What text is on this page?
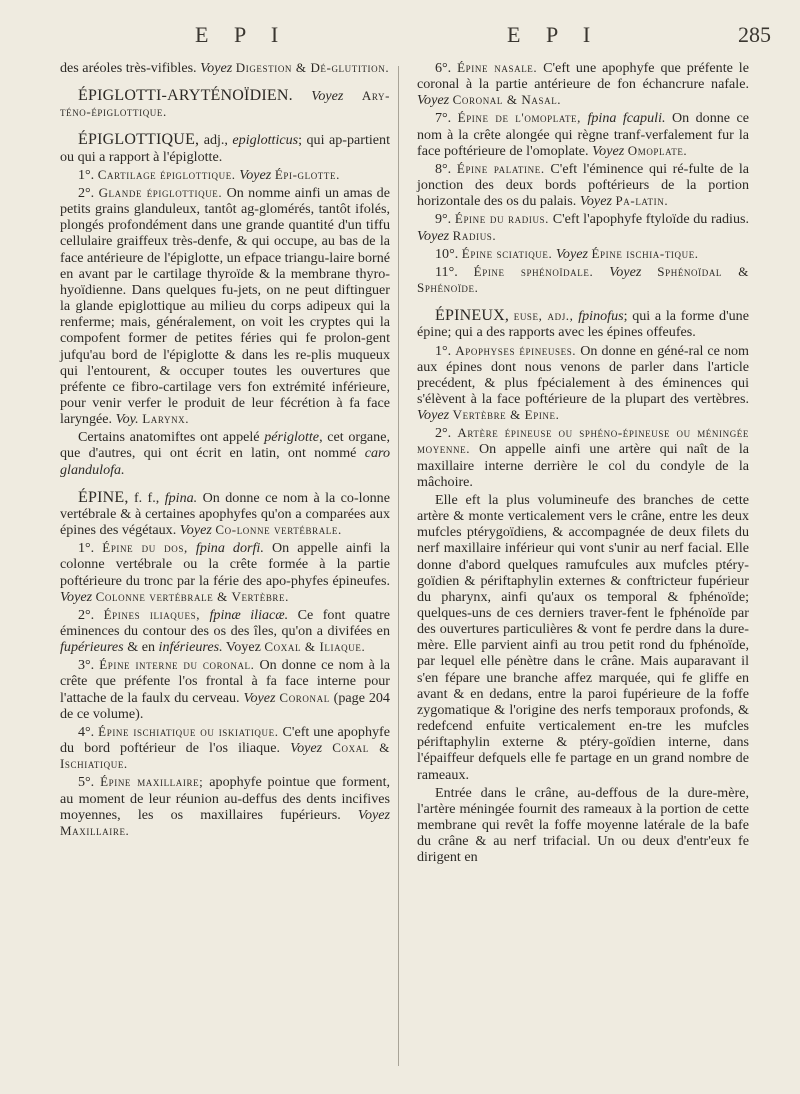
E P I	E P I	285

des aréoles très-vifibles. Voyez Digestion & Dé-glutition.

ÉPIGLOTTI-ARYTÉNOÏDIEN. Voyez Ary-téno-épiglottique.

ÉPIGLOTTIQUE, adj., epiglotticus; qui ap-partient ou qui a rapport à l'épiglotte.

1°. Cartilage épiglottique. Voyez Épi-glotte.

2°. Glande épiglottique. On nomme ainfi un amas de petits grains glanduleux, tantôt ag-glomérés, tantôt ifolés, plongés profondément dans une grande quantité d'un tiffu cellulaire graiffeux très-denfe, & qui occupe, au bas de la face antérieure de l'épiglotte, un efpace triangu-laire borné en avant par le cartilage thyroïde & la membrane thyro-hyoïdienne. Dans quelques fu-jets, on ne peut diftinguer la glande epiglottique au milieu du corps adipeux qui la renferme; mais, généralement, on voit les cryptes qui la compofent former de petites féries qui fe prolon-gent jufqu'au bord de l'épiglotte & dans les re-plis muqueux qui l'entourent, & occuper toutes les ouvertures que préfente ce fibro-cartilage vers fon extrémité inférieure, pour venir verfer le produit de leur fécrétion à fa face laryngée. Voy. Larynx.

Certains anatomiftes ont appelé périglotte, cet organe, que d'autres, qui ont écrit en latin, ont nommé caro glandulofa.

ÉPINE, f. f., fpina. On donne ce nom à la co-lonne vertébrale & à certaines apophyfes qu'on a comparées aux épines des végétaux. Voyez Co-lonne vertébrale.

1°. Épine du dos, fpina dorfi. On appelle ainfi la colonne vertébrale ou la crête formée à la partie poftérieure du tronc par la férie des apo-phyfes épineufes. Voyez Colonne vertébrale & Vertèbre.

2°. Épines iliaques, fpinæ iliacæ. Ce font quatre éminences du contour des os des îles, qu'on a divifées en fupérieures & en inférieures. Voyez Coxal & Iliaque.

3°. Épine interne du coronal. On donne ce nom à la crête que préfente l'os frontal à fa face interne pour l'attache de la faulx du cerveau. Voyez Coronal (page 204 de ce volume).

4°. Épine ischiatique ou iskiatique. C'eft une apophyfe du bord poftérieur de l'os iliaque. Voyez Coxal & Ischiatique.

5°. Épine maxillaire; apophyfe pointue que forment, au moment de leur réunion au-deffus des dents incifives moyennes, les os maxillaires fupérieurs. Voyez Maxillaire.

6°. Épine nasale. C'eft une apophyfe que préfente le coronal à la partie antérieure de fon échancrure nafale. Voyez Coronal & Nasal.

7°. Épine de l'omoplate, fpina fcapuli. On donne ce nom à la crête alongée qui règne tranf-verfalement fur la face poftérieure de l'omoplate. Voyez Omoplate.

8°. Épine palatine. C'eft l'éminence qui ré-fulte de la jonction des deux bords poftérieurs de la portion horizontale des os du palais. Voyez Pa-latin.

9°. Épine du radius. C'eft l'apophyfe ftyloïde du radius. Voyez Radius.

10°. Épine sciatique. Voyez Épine ischia-tique.

11°. Épine sphénoïdale. Voyez Sphénoïdal & Sphénoïde.

ÉPINEUX, euse, adj., fpinofus; qui a la forme d'une épine; qui a des rapports avec les épines offeufes.

1°. Apophyses épineuses. On donne en géné-ral ce nom aux épines dont nous venons de parler dans l'article precédent, & plus fpécialement à des éminences qui s'élèvent à la face poftérieure de la plupart des vertèbres. Voyez Vertèbre & Epine.

2°. Artère épineuse ou sphéno-épineuse ou méningée moyenne. On appelle ainfi une artère qui naît de la maxillaire interne derrière le col du condyle de la mâchoire.

Elle eft la plus volumineufe des branches de cette artère & monte verticalement vers le crâne, entre les deux mufcles ptérygoïdiens, & accompagnée de deux filets du nerf maxillaire inférieur qui vont s'unir au nerf facial. Elle donne d'abord quelques ramufcules aux mufcles ptéry-goïdien & périftaphylin externes & conftricteur fupérieur du pharynx, ainfi qu'aux os temporal & fphénoïde; quelques-uns de ces derniers traver-fent le fphénoïde par des ouvertures particulières & vont fe perdre dans la dure-mère. Elle parvient ainfi au trou petit rond du fphénoïde, par lequel elle pénètre dans le crâne. Mais auparavant il s'en fépare une branche affez marquée, qui fe gliffe en avant & en dedans, entre la paroi fupérieure de la foffe zygomatique & l'origine des nerfs temporaux profonds, & redefcend enfuite verticalement en-tre les mufcles périftaphylin externe & ptéry-goïdien interne, dans l'épaiffeur defquels elle fe partage en un grand nombre de rameaux.

Entrée dans le crâne, au-deffous de la dure-mère, l'artère méningée fournit des rameaux à la portion de cette membrane qui revêt la foffe moyenne latérale de la bafe du crâne & au nerf trifacial. Un ou deux d'entr'eux fe dirigent en
